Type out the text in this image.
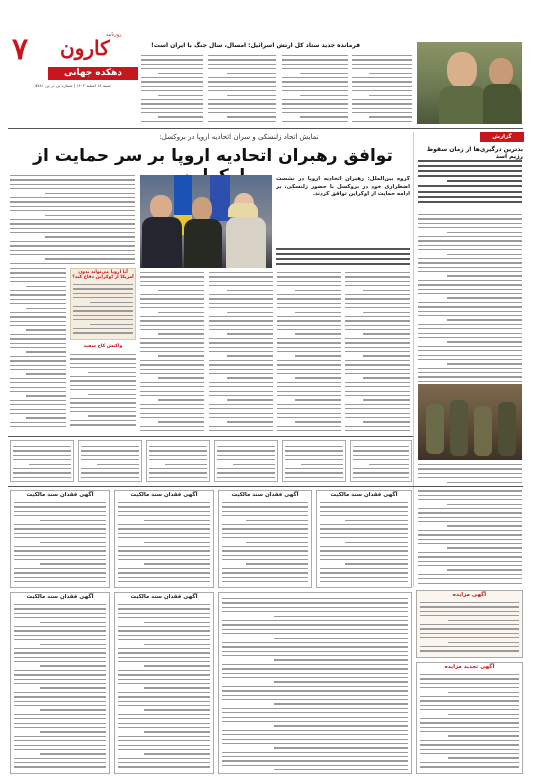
۷ کارون
روزنامه
دهکده جهانی
شنبه ۱۸ اسفند ۱۴۰۳ | شماره پی در پی ۵۷۸۱
فرمانده جدید ستاد کل ارتش اسرائیل: امسال، سال جنگ با ایران است!
گزارش
بدترین درگیری‌ها از زمان سقوط رژیم اسد
نمایش اتحاد زلنسکی و سران اتحادیه اروپا در بروکسل:
توافق رهبران اتحادیه اروپا بر سر حمایت از
گروه بین‌الملل: رهبران اتحادیه اروپا در نشست اضطراری خود در بروکسل با حضور زلنسکی، بر ادامه حمایت از اوکراین توافق کردند.
آیا اروپا می‌تواند بدون آمریکا از اوکراین دفاع کند؟
واکنش کاخ سفید
آگهی فقدان سند مالکیت	آگهی فقدان سند مالکیت	آگهی فقدان سند مالکیت	آگهی فقدان سند مالکیت
آگهی مزایده
آگهی تجدید مزایده
آگهی فقدان سند مالکیت	آگهی فقدان سند مالکیت
